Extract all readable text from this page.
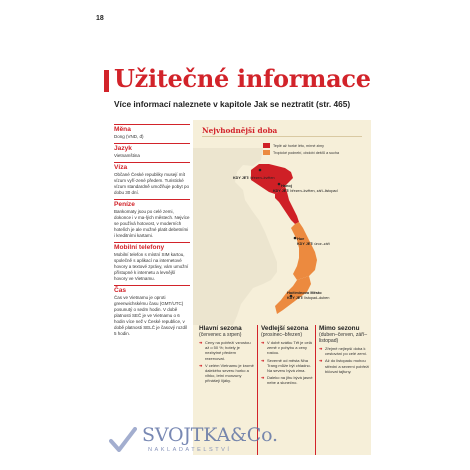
18
Užitečné informace
Více informací naleznete v kapitole Jak se neztratit (str. 465)
Měna
Dong (VND, đ)
Jazyk
Vietnamština
Víza
Občané České republiky musejí mít vízum vyří-zené předem. Turistické vízum standardně umožňuje pobyt po dobu 30 dní.
Peníze
Bankomaty jsou po celé zemi, dokonce i v ma-lých městech. Nejvíce se používá hotovost, v moderních hotelích je ale možné platit debetními i kreditními kartami.
Mobilní telefony
Mobilní telefon s místní SIM kartou, společně s aplikací na internetové hovory a textové zprávy, vám umožní přístupné k internetu a levnější hovory ve Vietnamu.
Čas
Čas ve Vietnamu je oproti greenwichskému času (GMT/UTC) posunutý o sedm hodin. V době platnosti SEČ je ve Vietnamu o 6 hodin více než v České republice, v době platnosti SELČ je časový rozdíl 5 hodin.
Nejvhodnější doba
Teplé až horké léto, mírné zimy
Tropické podnebí, období dešťů a sucha
KDY JET: březen–květen
Hanoj
KDY JET: březen–květen, září–listopad
Hue
KDY JET: únor–září
Hočiminovo Město
KDY JET: listopad–duben
Hlavní sezona
(červenec a srpen)
➜ Ceny na pobřeží vzrostou až o 50 %; hotely je nezbytné předem rezervovat.
➜ V celém Vietnamu je kromě dalekého severu horko a vlhko, letní monzuny přinášejí lijáky.
Vedlejší sezona
(prosinec–březen)
➜ V době svátku Tết je celá země v pohybu a ceny rostou.
➜ Severně od města Nha Trang může být chladno. Na severu bývá zima.
➜ Daleko na jihu bývá jasné nebe a slunečno.
Mimo sezonu
(duben–červen, září–listopad)
➜ Zřejmě nejlepší doba k cestování po celé zemi.
➜ Až do listopadu mohou střední a severní pobřeží bičovat tajfuny.
SVOJTKA&Co.
NAKLADATELSTVÍ
